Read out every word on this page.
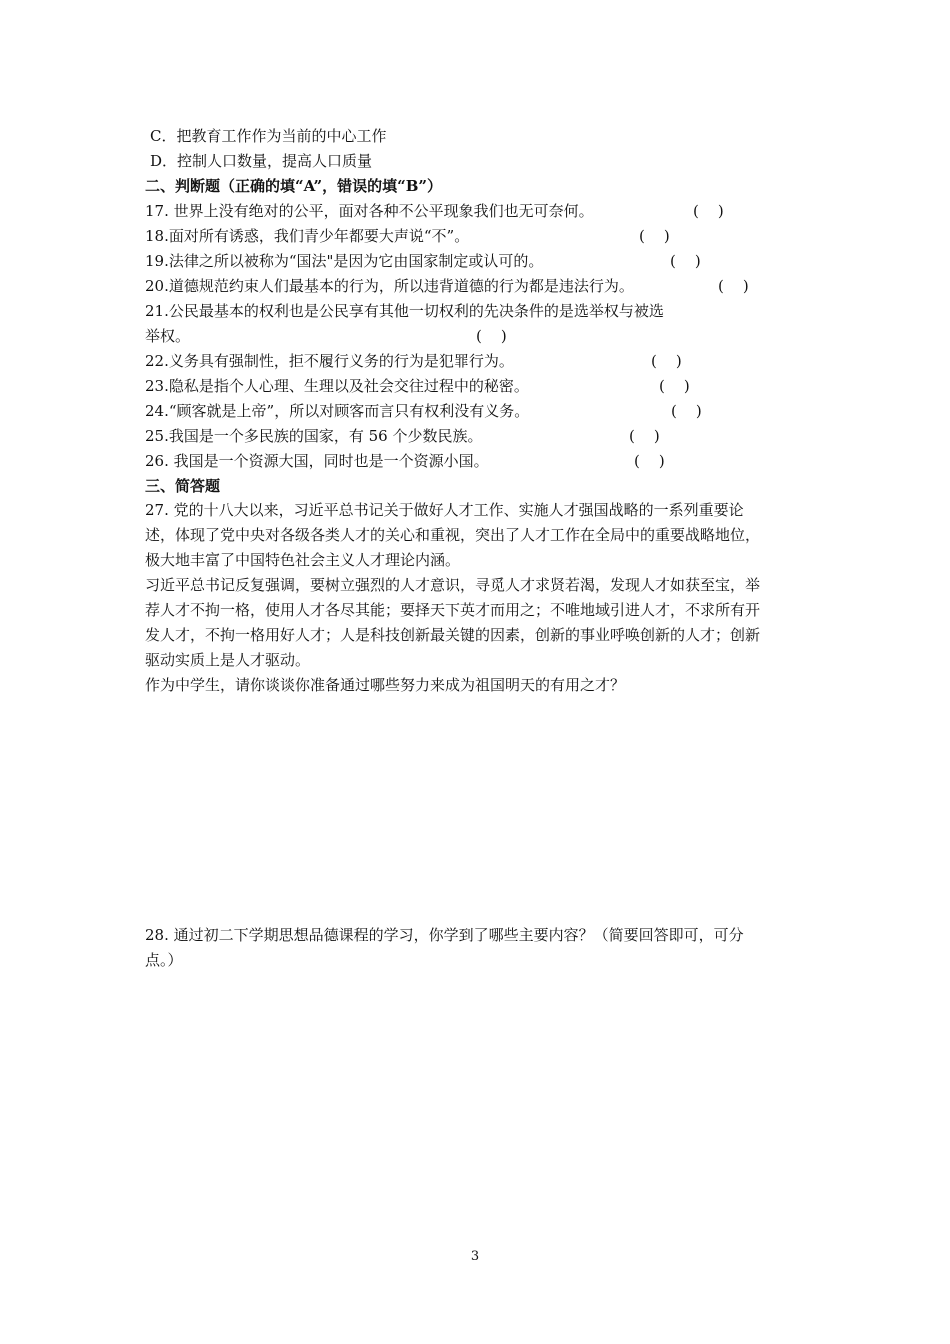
C．把教育工作作为当前的中心工作

D．控制人口数量，提高人口质量

二、判断题（正确的填“A”，错误的填“B”）

17. 世界上没有绝对的公平，面对各种不公平现象我们也无可奈何。	(    )

18.面对所有诱惑，我们青少年都要大声说“不”。	(    )

19.法律之所以被称为“国法"是因为它由国家制定或认可的。	(    )

20.道德规范约束人们最基本的行为，所以违背道德的行为都是违法行为。	(    )

21.公民最基本的权利也是公民享有其他一切权利的先决条件的是选举权与被选

举权。	(    )

22.义务具有强制性，拒不履行义务的行为是犯罪行为。	(    )

23.隐私是指个人心理、生理以及社会交往过程中的秘密。	(    )

24.“顾客就是上帝”，所以对顾客而言只有权利没有义务。	(    )

25.我国是一个多民族的国家，有 56 个少数民族。	(    )

26. 我国是一个资源大国，同时也是一个资源小国。	(    )

三、简答题

27. 党的十八大以来，习近平总书记关于做好人才工作、实施人才强国战略的一系列重要论

述，体现了党中央对各级各类人才的关心和重视，突出了人才工作在全局中的重要战略地位，

极大地丰富了中国特色社会主义人才理论内涵。

习近平总书记反复强调，要树立强烈的人才意识，寻觅人才求贤若渴，发现人才如获至宝，举

荐人才不拘一格，使用人才各尽其能；要择天下英才而用之；不唯地域引进人才，不求所有开

发人才，不拘一格用好人才；人是科技创新最关键的因素，创新的事业呼唤创新的人才；创新

驱动实质上是人才驱动。

作为中学生，请你谈谈你准备通过哪些努力来成为祖国明天的有用之才？

28. 通过初二下学期思想品德课程的学习，你学到了哪些主要内容？（简要回答即可，可分

点。）

3
